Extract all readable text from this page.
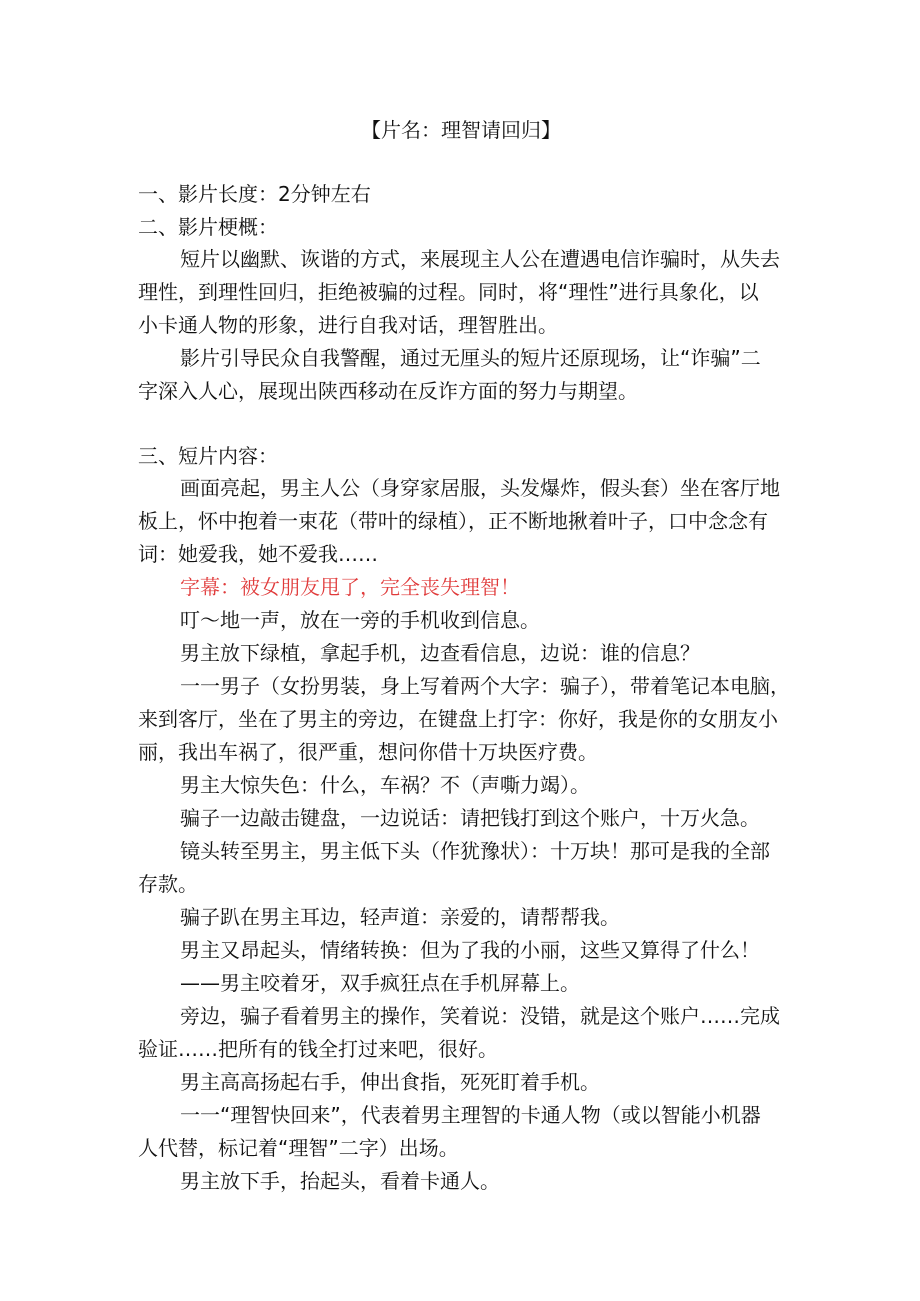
【片名：理智请回归】
一、影片长度：2分钟左右
二、影片梗概：
短片以幽默、诙谐的方式，来展现主人公在遭遇电信诈骗时，从失去
理性，到理性回归，拒绝被骗的过程。同时，将“理性”进行具象化，以
小卡通人物的形象，进行自我对话，理智胜出。
影片引导民众自我警醒，通过无厘头的短片还原现场，让“诈骗”二
字深入人心，展现出陕西移动在反诈方面的努力与期望。
三、短片内容：
画面亮起，男主人公（身穿家居服，头发爆炸，假头套）坐在客厅地
板上，怀中抱着一束花（带叶的绿植），正不断地揪着叶子，口中念念有
词：她爱我，她不爱我……
字幕：被女朋友甩了，完全丧失理智！
叮～地一声，放在一旁的手机收到信息。
男主放下绿植，拿起手机，边查看信息，边说：谁的信息？
一一男子（女扮男装，身上写着两个大字：骗子），带着笔记本电脑，
来到客厅，坐在了男主的旁边，在键盘上打字：你好，我是你的女朋友小
丽，我出车祸了，很严重，想问你借十万块医疗费。
男主大惊失色：什么，车祸？不（声嘶力竭）。
骗子一边敲击键盘，一边说话：请把钱打到这个账户，十万火急。
镜头转至男主，男主低下头（作犹豫状）：十万块！那可是我的全部
存款。
骗子趴在男主耳边，轻声道：亲爱的，请帮帮我。
男主又昂起头，情绪转换：但为了我的小丽，这些又算得了什么！
——男主咬着牙，双手疯狂点在手机屏幕上。
旁边，骗子看着男主的操作，笑着说：没错，就是这个账户……完成
验证……把所有的钱全打过来吧，很好。
男主高高扬起右手，伸出食指，死死盯着手机。
一一“理智快回来”，代表着男主理智的卡通人物（或以智能小机器
人代替，标记着“理智”二字）出场。
男主放下手，抬起头，看着卡通人。
